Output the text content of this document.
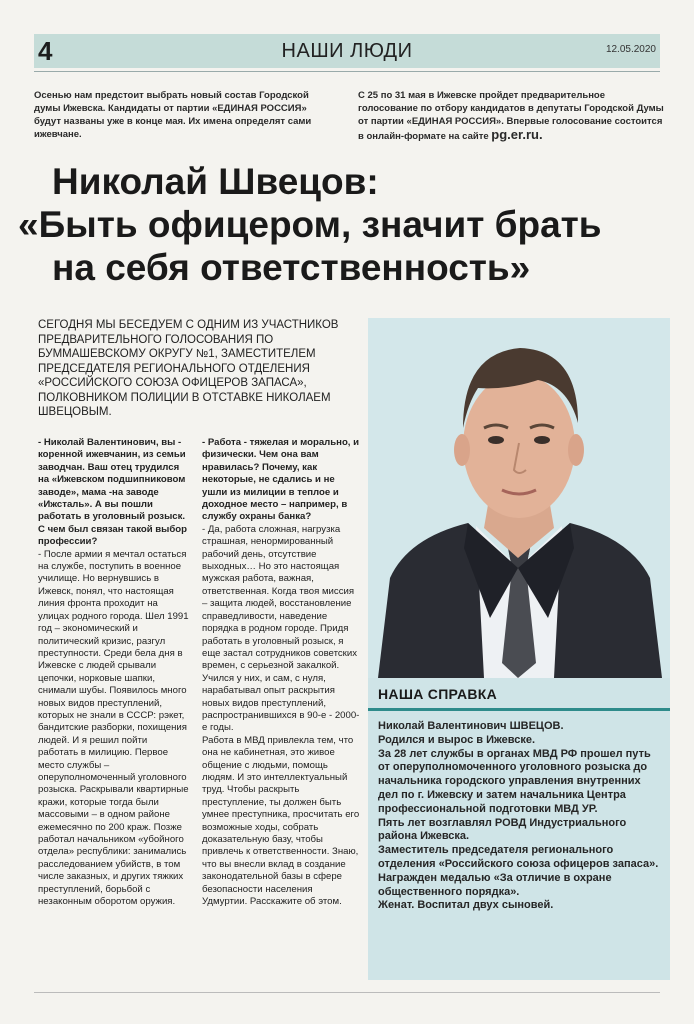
4	НАШИ ЛЮДИ	12.05.2020

Осенью нам предстоит выбрать новый состав Городской думы Ижевска. Кандидаты от партии «ЕДИНАЯ РОССИЯ» будут названы уже в конце мая. Их имена определят сами ижевчане.

С 25 по 31 мая в Ижевске пройдет предварительное голосование по отбору кандидатов в депутаты Городской Думы от партии «ЕДИНАЯ РОССИЯ». Впервые голосование состоится в онлайн-формате на сайте pg.er.ru.

Николай Швецов:
«Быть офицером, значит брать
на себя ответственность»
СЕГОДНЯ МЫ БЕСЕДУЕМ С ОДНИМ ИЗ УЧАСТНИКОВ ПРЕДВАРИТЕЛЬНОГО ГОЛОСОВАНИЯ ПО БУММАШЕВСКОМУ ОКРУГУ №1, ЗАМЕСТИТЕЛЕМ ПРЕДСЕДАТЕЛЯ РЕГИОНАЛЬНОГО ОТДЕЛЕНИЯ «РОССИЙСКОГО СОЮЗА ОФИЦЕРОВ ЗАПАСА», ПОЛКОВНИКОМ ПОЛИЦИИ В ОТСТАВКЕ НИКОЛАЕМ ШВЕЦОВЫМ.

- Николай Валентинович, вы - коренной ижевчанин, из семьи заводчан. Ваш отец трудился на «Ижевском подшипниковом заводе», мама -на заводе «Ижсталь». А вы пошли работать в уголовный розыск. С чем был связан такой выбор профессии?

- После армии я мечтал остаться на службе, поступить в военное училище. Но вернувшись в Ижевск, понял, что настоящая линия фронта проходит на улицах родного города. Шел 1991 год – экономический и политический кризис, разгул преступности. Среди бела дня в Ижевске с людей срывали цепочки, норковые шапки, снимали шубы. Появилось много новых видов преступлений, которых не знали в СССР: рэкет, бандитские разборки, похищения людей. И я решил пойти работать в милицию. Первое место службы – оперуполномоченный уголовного розыска. Раскрывали квартирные кражи, которые тогда были массовыми – в одном районе ежемесячно по 200 краж. Позже работал начальником «убойного отдела» республики: занимались расследованием убийств, в том числе заказных, и других тяжких преступлений, борьбой с незаконным оборотом оружия.

- Работа - тяжелая и морально, и физически. Чем она вам нравилась? Почему, как некоторые, не сдались и не ушли из милиции в теплое и доходное место – например, в службу охраны банка?

- Да, работа сложная, нагрузка страшная, ненормированный рабочий день, отсутствие выходных… Но это настоящая мужская работа, важная, ответственная. Когда твоя миссия – защита людей, восстановление справедливости, наведение порядка в родном городе. Придя работать в уголовный розыск, я еще застал сотрудников советских времен, с серьезной закалкой. Учился у них, и сам, с нуля, нарабатывал опыт раскрытия новых видов преступлений, распространившихся в 90-е - 2000-е годы.

Работа в МВД привлекла тем, что она не кабинетная, это живое общение с людьми, помощь людям. И это интеллектуальный труд. Чтобы раскрыть преступление, ты должен быть умнее преступника, просчитать его возможные ходы, собрать доказательную базу, чтобы привлечь к ответственности. Знаю, что вы внесли вклад в создание законодательной базы в сфере безопасности населения Удмуртии. Расскажите об этом.

НАША СПРАВКА

Николай Валентинович ШВЕЦОВ.

Родился и вырос в Ижевске.

За 28 лет службы в органах МВД РФ прошел путь от оперуполномоченного уголовного розыска до начальника городского управления внутренних дел по г. Ижевску и затем начальника Центра профессиональной подготовки МВД УР.

Пять лет возглавлял РОВД Индустриального района Ижевска.

Заместитель председателя регионального отделения «Российского союза офицеров запаса».

Награжден медалью «За отличие в охране общественного порядка».

Женат. Воспитал двух сыновей.
